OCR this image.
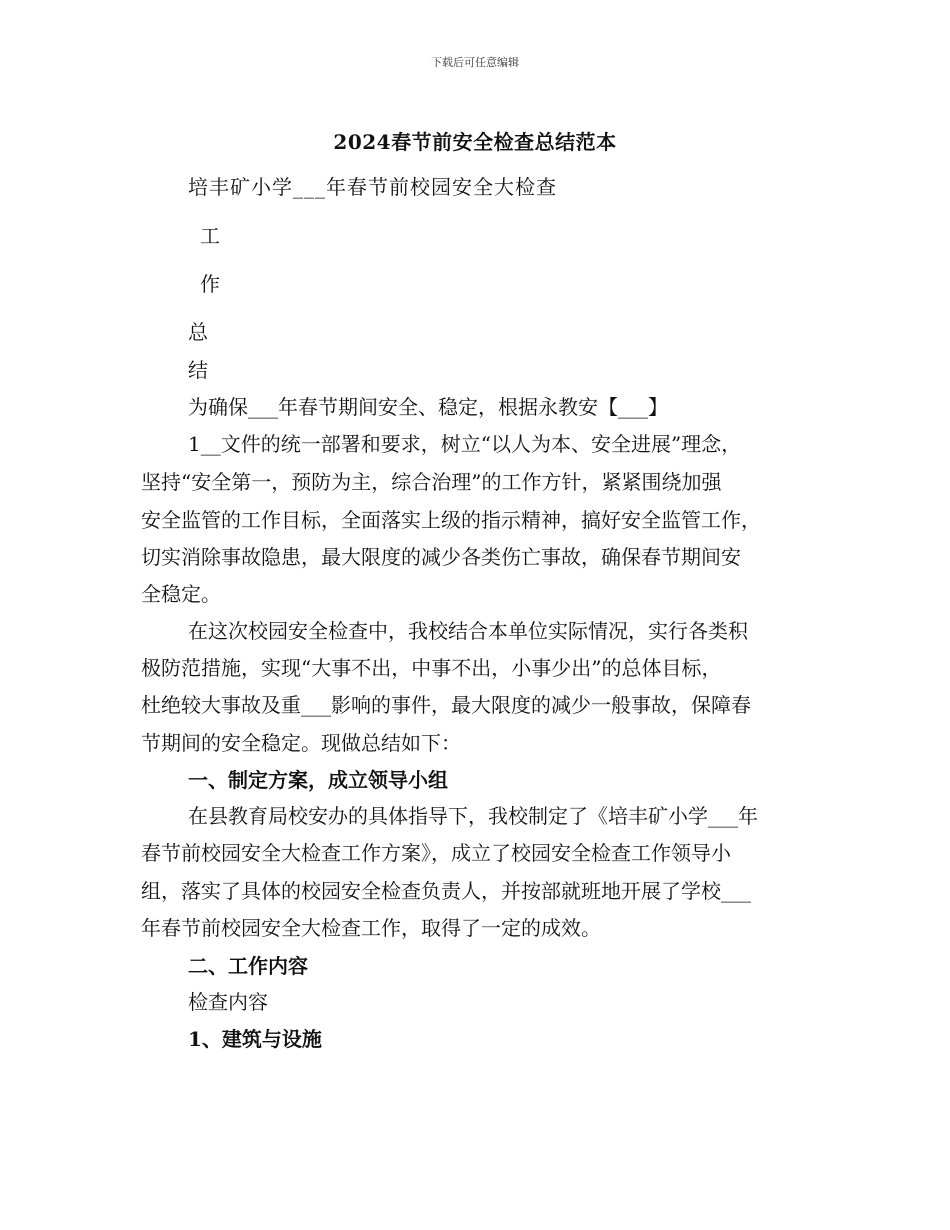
下载后可任意编辑
2024春节前安全检查总结范本
培丰矿小学___年春节前校园安全大检查
工
作
总
结
为确保___年春节期间安全、稳定，根据永教安【___】
1__文件的统一部署和要求，树立“以人为本、安全进展”理念，
坚持“安全第一，预防为主，综合治理”的工作方针，紧紧围绕加强
安全监管的工作目标，全面落实上级的指示精神，搞好安全监管工作，
切实消除事故隐患，最大限度的减少各类伤亡事故，确保春节期间安
全稳定。
在这次校园安全检查中，我校结合本单位实际情况，实行各类积
极防范措施，实现“大事不出，中事不出，小事少出”的总体目标，
杜绝较大事故及重___影响的事件，最大限度的减少一般事故，保障春
节期间的安全稳定。现做总结如下：
一、制定方案，成立领导小组
在县教育局校安办的具体指导下，我校制定了《培丰矿小学___年
春节前校园安全大检查工作方案》，成立了校园安全检查工作领导小
组，落实了具体的校园安全检查负责人，并按部就班地开展了学校___
年春节前校园安全大检查工作，取得了一定的成效。
二、工作内容
检查内容
1、建筑与设施
